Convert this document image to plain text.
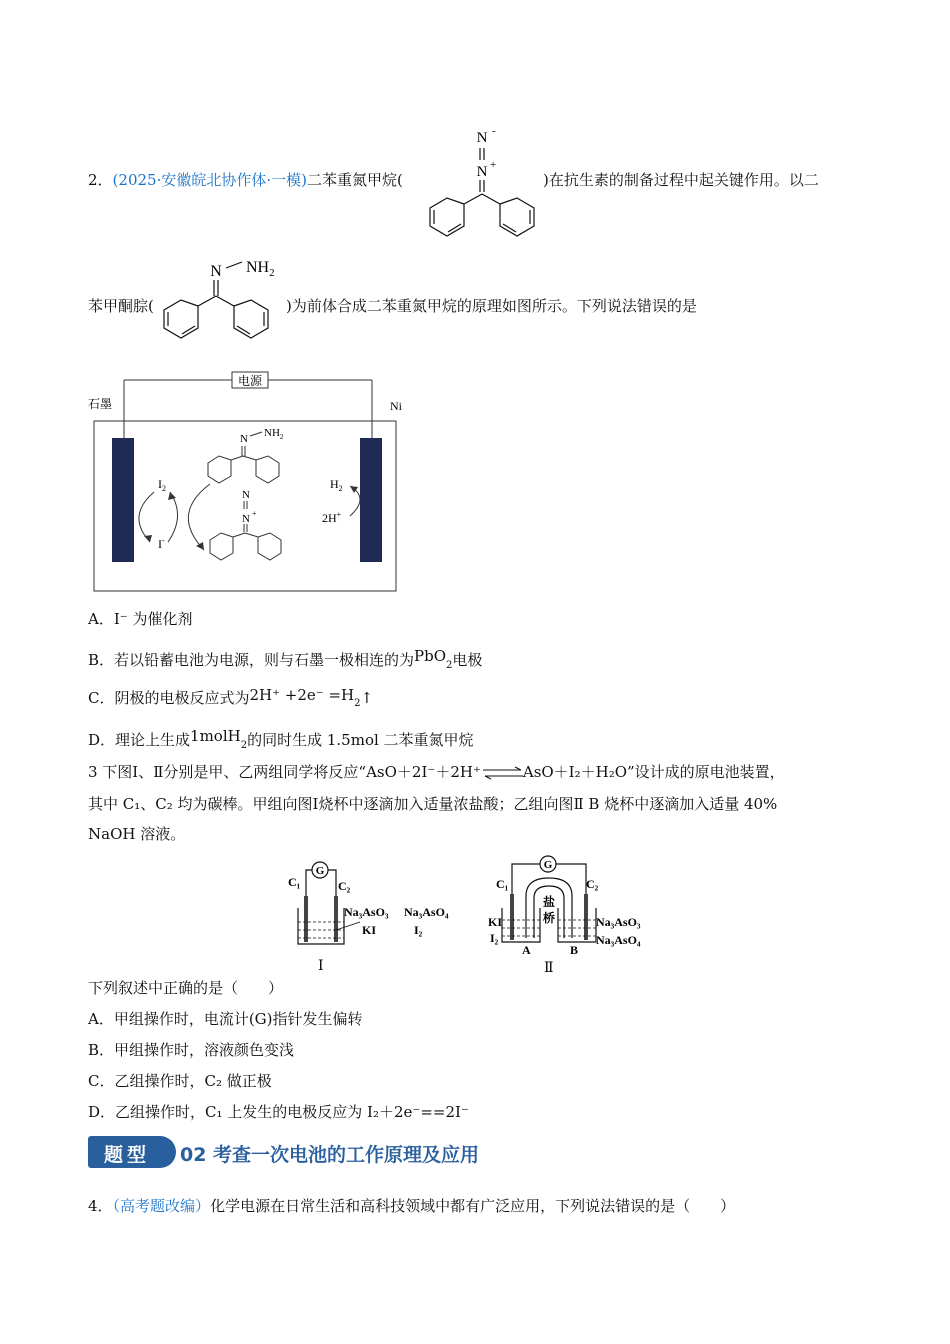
2．(2025·安徽皖北协作体·一模)二苯重氮甲烷(
N -
N +
)在抗生素的制备过程中起关键作用。以二
N $NH_2$
苯甲酮腙(	)为前体合成二苯重氮甲烷的原理如图所示。下列说法错误的是
电源
石墨	Ni
$I_2$
I-
N $NH_2$
N
N +
$H_2$
2H+
A．I⁻ 为催化剂
B．若以铅蓄电池为电源，则与石墨一极相连的为PbO$_2$电极
C．阴极的电极反应式为$2H^+ +2e^- =H_2↑$
D．理论上生成1molH$_2$的同时生成 1.5mol 二苯重氮甲烷
3 下图Ⅰ、Ⅱ分别是甲、乙两组同学将反应“AsO＋2I⁻＋2H⁺⇌AsO＋I₂＋H₂O”设计成的原电池装置，
其中 C₁、C₂ 均为碳棒。甲组向图Ⅰ烧杯中逐滴加入适量浓盐酸；乙组向图Ⅱ B 烧杯中逐滴加入适量 40%
NaOH 溶液。
G
C₁	C₂
Na₃AsO₃ Na₃AsO₄
KI	I₂
Ⅰ
G
C₁	C₂
盐
桥
KI
I₂
A	B
Na₃AsO₃
Na₃AsO₄
Ⅱ
下列叙述中正确的是（　　）
A．甲组操作时，电流计(G)指针发生偏转
B．甲组操作时，溶液颜色变浅
C．乙组操作时，C₂ 做正极
D．乙组操作时，C₁ 上发生的电极反应为 I₂＋2e⁻==2I⁻
题型	02 考查一次电池的工作原理及应用
4．（高考题改编）化学电源在日常生活和高科技领域中都有广泛应用，下列说法错误的是（　　）
